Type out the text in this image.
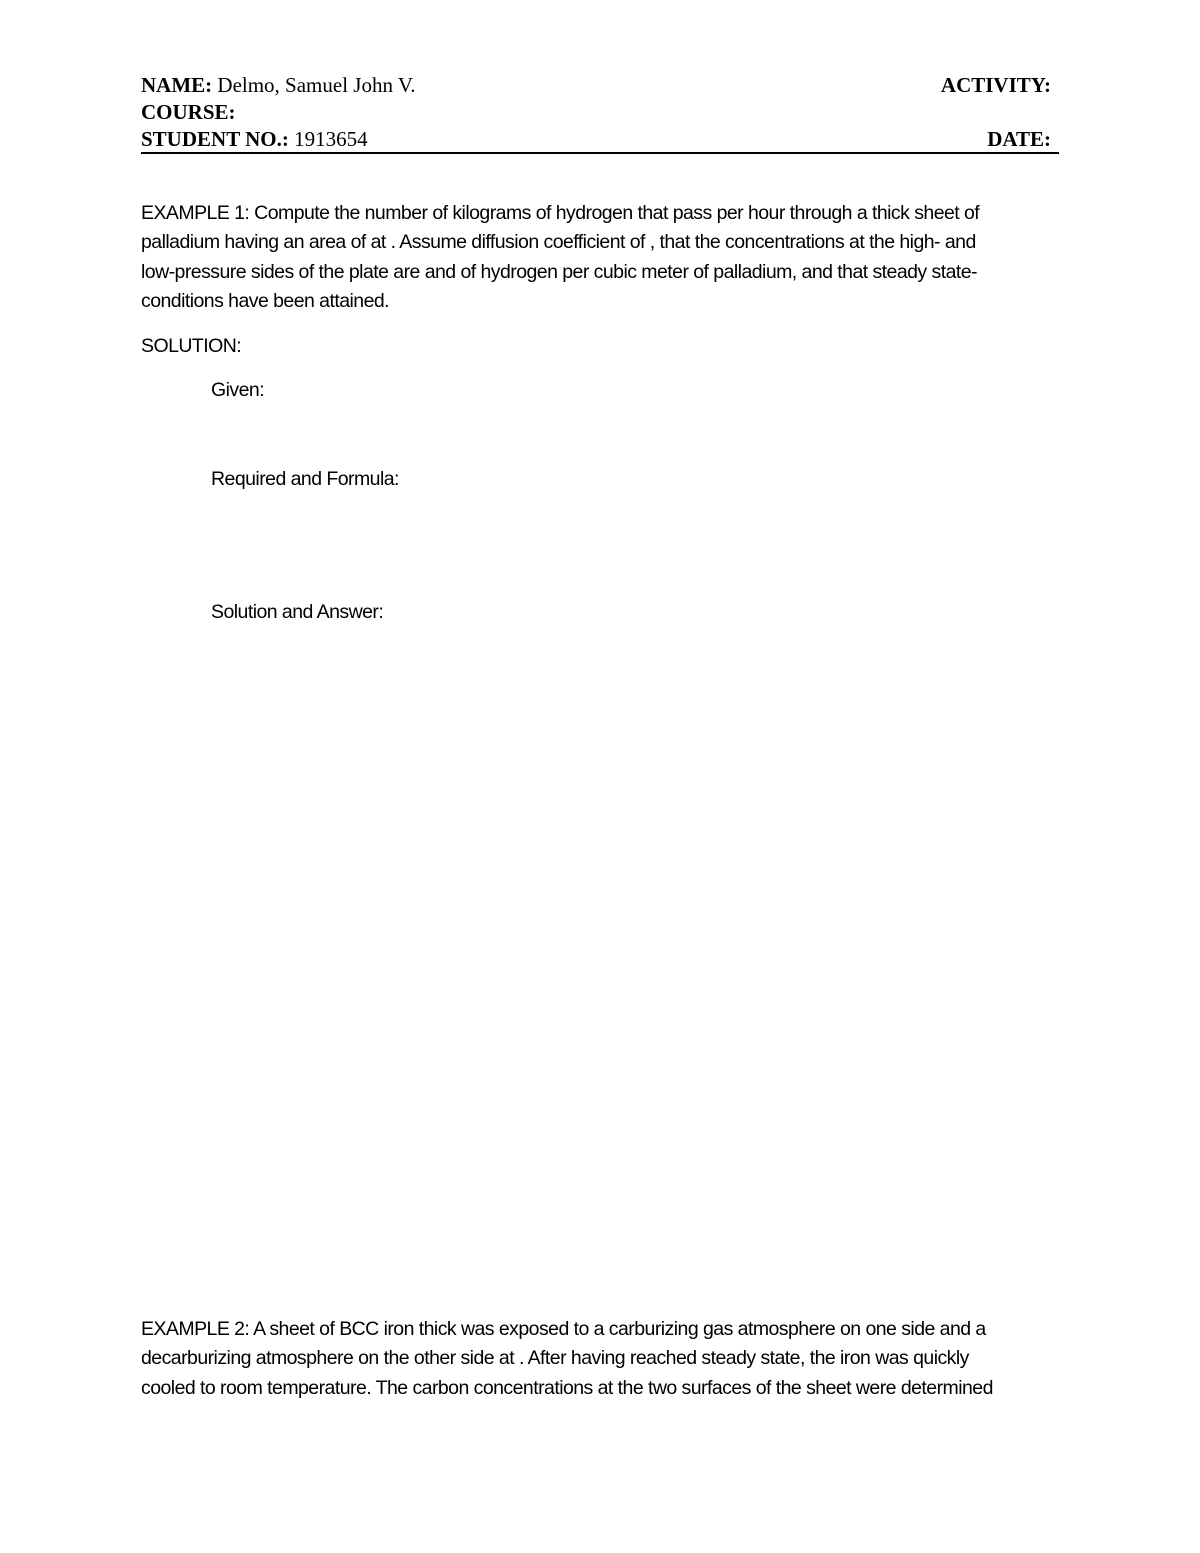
NAME: Delmo, Samuel John V.	ACTIVITY:
COURSE:
STUDENT NO.: 1913654	DATE:
EXAMPLE 1: Compute the number of kilograms of hydrogen that pass per hour through a thick sheet of
palladium having an area of at . Assume diffusion coefficient of , that the concentrations at the high- and
low-pressure sides of the plate are and of hydrogen per cubic meter of palladium, and that steady state-
conditions have been attained.
SOLUTION:
Given:
Required and Formula:
Solution and Answer:
EXAMPLE 2: A sheet of BCC iron thick was exposed to a carburizing gas atmosphere on one side and a
decarburizing atmosphere on the other side at . After having reached steady state, the iron was quickly
cooled to room temperature. The carbon concentrations at the two surfaces of the sheet were determined
